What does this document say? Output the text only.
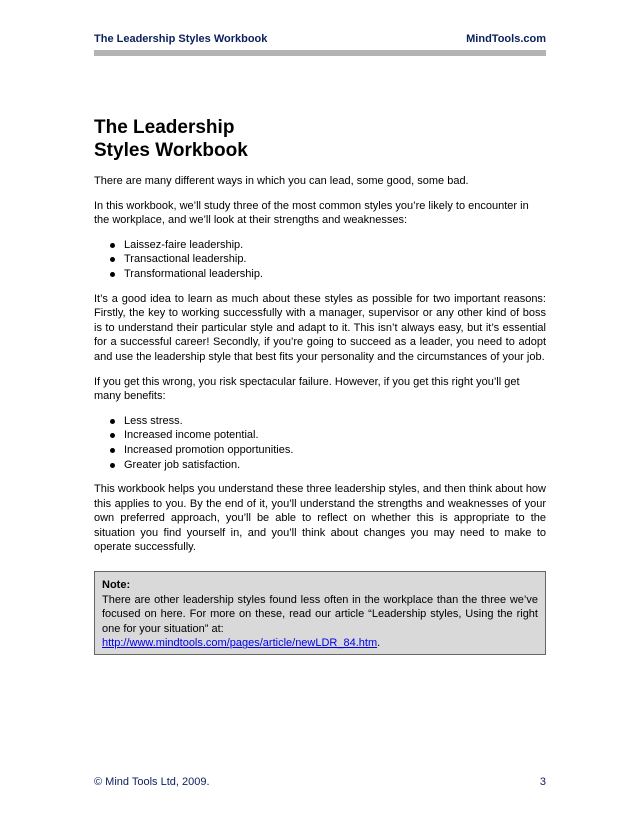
The Leadership Styles Workbook	MindTools.com
The Leadership
Styles Workbook

There are many different ways in which you can lead, some good, some bad.

In this workbook, we’ll study three of the most common styles you’re likely to encounter in the workplace, and we’ll look at their strengths and weaknesses:

Laissez-faire leadership.
Transactional leadership.
Transformational leadership.

It’s a good idea to learn as much about these styles as possible for two important reasons: Firstly, the key to working successfully with a manager, supervisor or any other kind of boss is to understand their particular style and adapt to it. This isn’t always easy, but it’s essential for a successful career! Secondly, if you’re going to succeed as a leader, you need to adopt and use the leadership style that best fits your personality and the circumstances of your job.

If you get this wrong, you risk spectacular failure. However, if you get this right you’ll get many benefits:

Less stress.
Increased income potential.
Increased promotion opportunities.
Greater job satisfaction.

This workbook helps you understand these three leadership styles, and then think about how this applies to you. By the end of it, you’ll understand the strengths and weaknesses of your own preferred approach, you’ll be able to reflect on whether this is appropriate to the situation you find yourself in, and you’ll think about changes you may need to make to operate successfully.

Note:
There are other leadership styles found less often in the workplace than the three we’ve focused on here. For more on these, read our article “Leadership styles, Using the right one for your situation” at:
http://www.mindtools.com/pages/article/newLDR_84.htm.
© Mind Tools Ltd, 2009.	3
